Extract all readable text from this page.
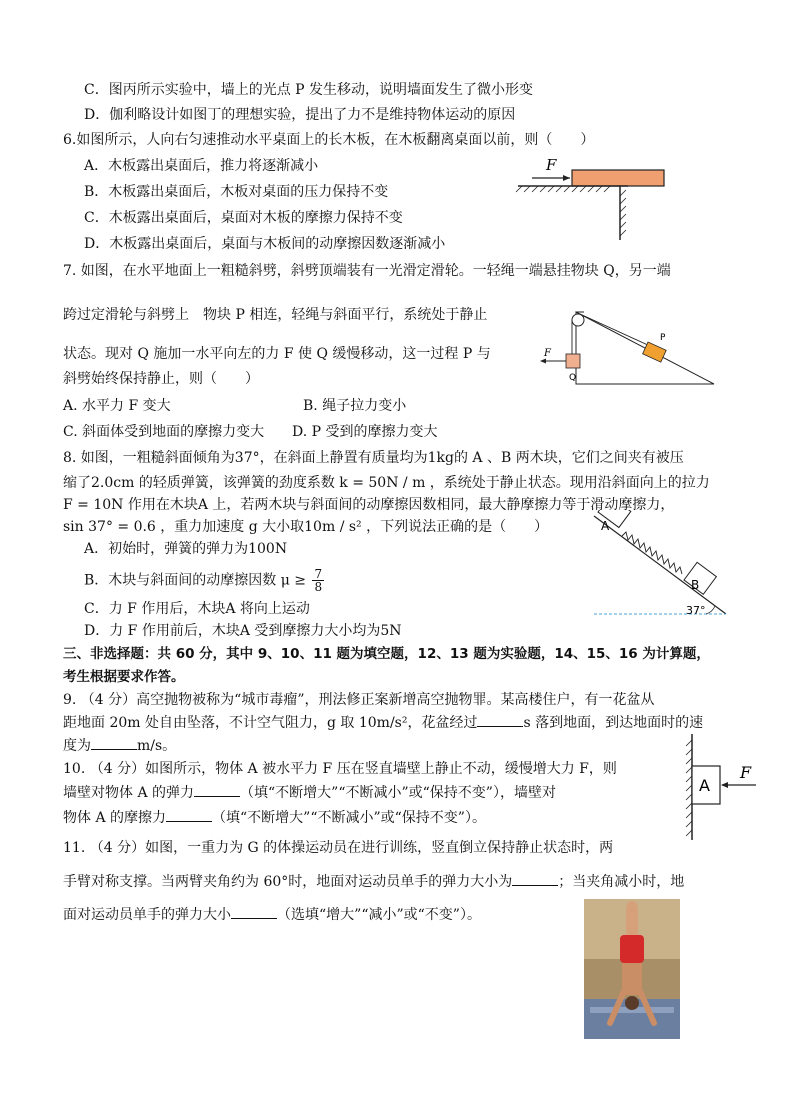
C．图丙所示实验中，墙上的光点 P 发生移动，说明墙面发生了微小形变
D．伽利略设计如图丁的理想实验，提出了力不是维持物体运动的原因
6.如图所示，人向右匀速推动水平桌面上的长木板，在木板翻离桌面以前，则（　　）
A．木板露出桌面后，推力将逐渐减小
B．木板露出桌面后，木板对桌面的压力保持不变
C．木板露出桌面后，桌面对木板的摩擦力保持不变
D．木板露出桌面后，桌面与木板间的动摩擦因数逐渐减小
F
7. 如图，在水平地面上一粗糙斜劈，斜劈顶端装有一光滑定滑轮。一轻绳一端悬挂物块 Q，另一端
跨过定滑轮与斜劈上　物块 P 相连，轻绳与斜面平行，系统处于静止
状态。现对 Q 施加一水平向左的力 F 使 Q 缓慢移动，这一过程 P 与
斜劈始终保持静止，则（　　）
A. 水平力 F 变大	B. 绳子拉力变小
C. 斜面体受到地面的摩擦力变大 D. P 受到的摩擦力变大
P
Q
F
8. 如图，一粗糙斜面倾角为37°，在斜面上静置有质量均为1kg的 A 、B 两木块，它们之间夹有被压
缩了2.0cm 的轻质弹簧，该弹簧的劲度系数 k = 50N / m ，系统处于静止状态。现用沿斜面向上的拉力
F = 10N 作用在木块A 上，若两木块与斜面间的动摩擦因数相同，最大静摩擦力等于滑动摩擦力，
sin 37° = 0.6 ，重力加速度 g 大小取10m / s² ，下列说法正确的是（　　）
A．初始时，弹簧的弹力为100N
B．木块与斜面间的动摩擦因数 $\mu \ge \frac{7}{8}$
C．力 F 作用后，木块A 将向上运动
D．力 F 作用前后，木块A 受到摩擦力大小均为5N
A
B
37°
三、非选择题：共 60 分，其中 9、10、11 题为填空题，12、13 题为实验题，14、15、16 为计算题，
考生根据要求作答。
9. （4 分）高空抛物被称为“城市毒瘤”，刑法修正案新增高空抛物罪。某高楼住户，有一花盆从
距地面 20m 处自由坠落，不计空气阻力，g 取 10m/s²，花盆经过	s 落到地面，到达地面时的速
度为	m/s。
10. （4 分）如图所示，物体 A 被水平力 F 压在竖直墙壁上静止不动，缓慢增大力 F，则
墙壁对物体 A 的弹力	（填“不断增大”“不断减小”或“保持不变”），墙壁对
物体 A 的摩擦力	（填“不断增大”“不断减小”或“保持不变”）。
A
F
11. （4 分）如图，一重力为 G 的体操运动员在进行训练，竖直倒立保持静止状态时，两
手臂对称支撑。当两臂夹角约为 60°时，地面对运动员单手的弹力大小为	；当夹角减小时，地
面对运动员单手的弹力大小	（选填“增大”“减小”或“不变”）。
